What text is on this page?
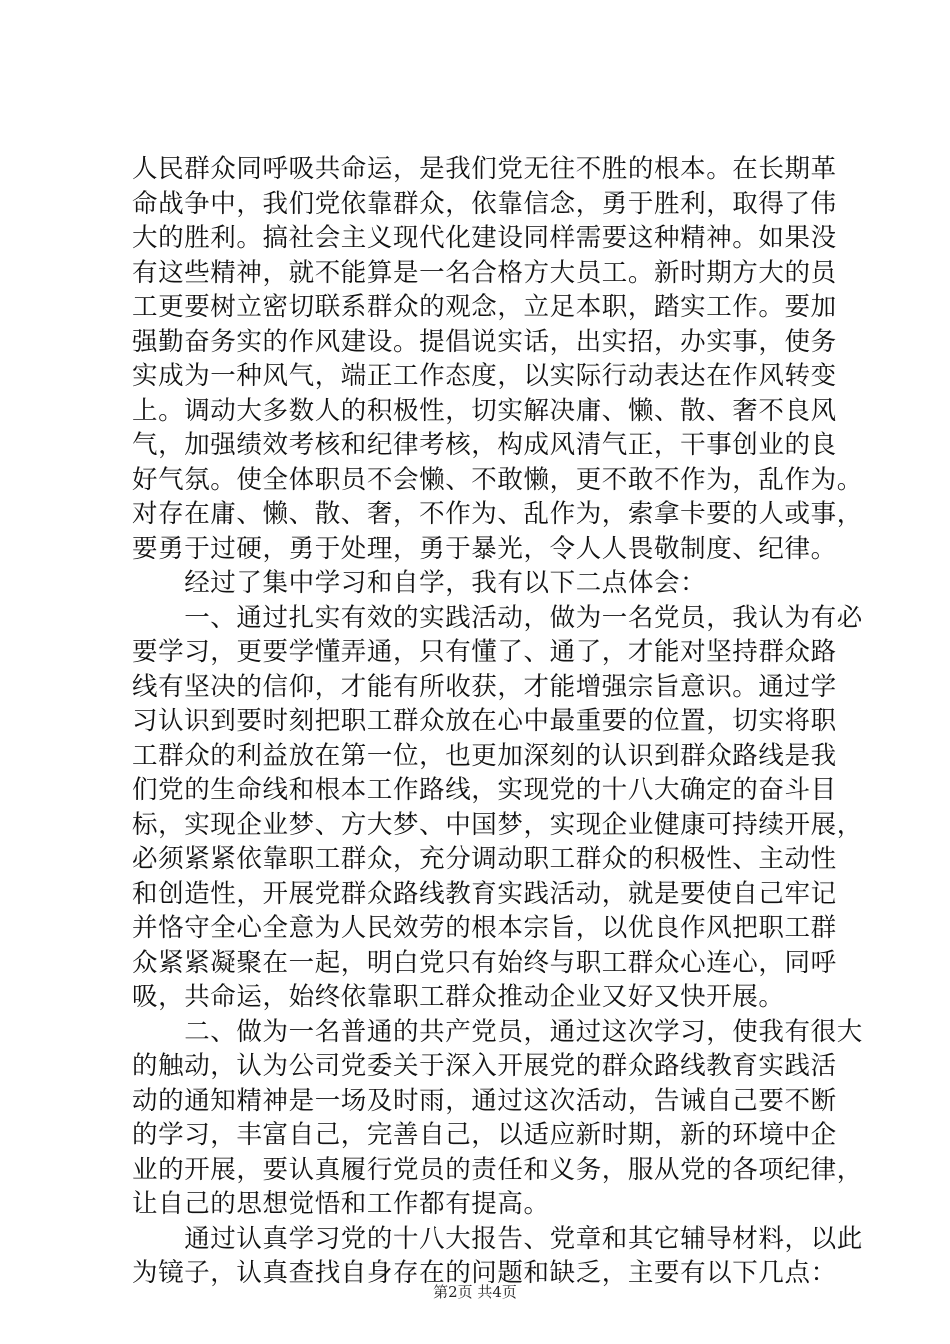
人民群众同呼吸共命运，是我们党无往不胜的根本。在长期革
命战争中，我们党依靠群众，依靠信念，勇于胜利，取得了伟
大的胜利。搞社会主义现代化建设同样需要这种精神。如果没
有这些精神，就不能算是一名合格方大员工。新时期方大的员
工更要树立密切联系群众的观念，立足本职，踏实工作。要加
强勤奋务实的作风建设。提倡说实话，出实招，办实事，使务
实成为一种风气，端正工作态度，以实际行动表达在作风转变
上。调动大多数人的积极性，切实解决庸、懒、散、奢不良风
气，加强绩效考核和纪律考核，构成风清气正，干事创业的良
好气氛。使全体职员不会懒、不敢懒，更不敢不作为，乱作为。
对存在庸、懒、散、奢，不作为、乱作为，索拿卡要的人或事，
要勇于过硬，勇于处理，勇于暴光，令人人畏敬制度、纪律。
　　经过了集中学习和自学，我有以下二点体会：
　　一、通过扎实有效的实践活动，做为一名党员，我认为有必
要学习，更要学懂弄通，只有懂了、通了，才能对坚持群众路
线有坚决的信仰，才能有所收获，才能增强宗旨意识。通过学
习认识到要时刻把职工群众放在心中最重要的位置，切实将职
工群众的利益放在第一位，也更加深刻的认识到群众路线是我
们党的生命线和根本工作路线，实现党的十八大确定的奋斗目
标，实现企业梦、方大梦、中国梦，实现企业健康可持续开展，
必须紧紧依靠职工群众，充分调动职工群众的积极性、主动性
和创造性，开展党群众路线教育实践活动，就是要使自己牢记
并恪守全心全意为人民效劳的根本宗旨，以优良作风把职工群
众紧紧凝聚在一起，明白党只有始终与职工群众心连心，同呼
吸，共命运，始终依靠职工群众推动企业又好又快开展。
　　二、做为一名普通的共产党员，通过这次学习，使我有很大
的触动，认为公司党委关于深入开展党的群众路线教育实践活
动的通知精神是一场及时雨，通过这次活动，告诫自己要不断
的学习，丰富自己，完善自己，以适应新时期，新的环境中企
业的开展，要认真履行党员的责任和义务，服从党的各项纪律，
让自己的思想觉悟和工作都有提高。
　　通过认真学习党的十八大报告、党章和其它辅导材料，以此
为镜子，认真查找自身存在的问题和缺乏，主要有以下几点：
第2页 共4页
